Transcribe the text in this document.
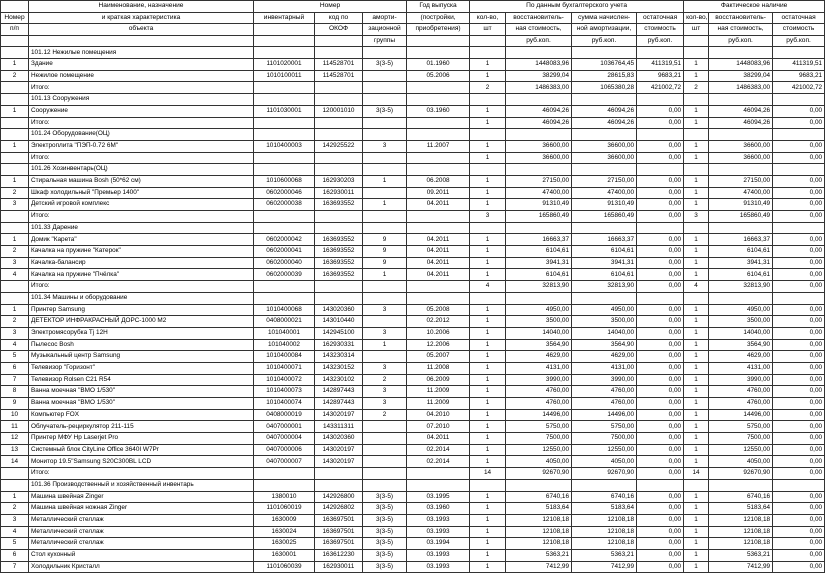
	Наименование, назначение	Номер			Год выпуска	По данным бухгалтерского учета				Фактическое наличие		
Номер	и краткая характеристика	инвентарный	код по	аморти-	(постройки,	кол-во,	восстановитель-	сумма начислен-	остаточная	кол-во,	восстановитель-	остаточная
п/п	объекта		ОКОФ	зационной	приобретения)	шт	ная стоимость,	ной амортизации,	стоимость	шт	ная стоимость,	стоимость
				группы			руб.коп.	руб.коп.	руб.коп.		руб.коп.	руб.коп.
	101.12 Нежилые помещения											
1	Здание	1101020001	114528701	3(3-5)	01.1960	1	1448083,96	1036764,45	411319,51	1	1448083,96	411319,51
2	Нежилое помещение	1010100011	114528701		05.2006	1	38299,04	28615,83	9683,21	1	38299,04	9683,21
	Итого:					2	1486383,00	1065380,28	421002,72	2	1486383,00	421002,72
	101.13 Сооружения											
1	Сооружение	1101030001	120001010	3(3-5)	03.1960	1	46094,26	46094,26	0,00	1	46094,26	0,00
	Итого:					1	46094,26	46094,26	0,00	1	46094,26	0,00
	101.24 Оборудование(ОЦ)											
1	Электроплита "ПЭП-0.72 6М"	1010400003	142925522	3	11.2007	1	36600,00	36600,00	0,00	1	36600,00	0,00
	Итого:					1	36600,00	36600,00	0,00	1	36600,00	0,00
	101.26 Хозинвентарь(ОЦ)											
1	Стиральная машина Bosh (50*62 см)	1010600068	162930203	1	06.2008	1	27150,00	27150,00	0,00	1	27150,00	0,00
2	Шкаф холодильный "Премьер 1400"	0602000046	162930011		09.2011	1	47400,00	47400,00	0,00	1	47400,00	0,00
3	Детский игровой комплекс	0602000038	163693552	1	04.2011	1	91310,49	91310,49	0,00	1	91310,49	0,00
	Итого:					3	165860,49	165860,49	0,00	3	165860,49	0,00
	101.33 Дарение											
1	Домик "Карета"	0602000042	163693552	9	04.2011	1	16663,37	16663,37	0,00	1	16663,37	0,00
2	Качалка на пружине "Катерок"	0602000041	163693552	9	04.2011	1	6104,61	6104,61	0,00	1	6104,61	0,00
3	Качалка-балансир	0602000040	163693552	9	04.2011	1	3941,31	3941,31	0,00	1	3941,31	0,00
4	Качалка на пружине "Пчёлка"	0602000039	163693552	1	04.2011	1	6104,61	6104,61	0,00	1	6104,61	0,00
	Итого:					4	32813,90	32813,90	0,00	4	32813,90	0,00
	101.34 Машины и оборудование											
1	Принтер Samsung	1010400068	143020360	3	05.2008	1	4950,00	4950,00	0,00	1	4950,00	0,00
2	ДЕТЕКТОР ИНФРАКРАСНЫЙ ДОРС-1000 M2	0408000021	143010440		02.2012	1	3500,00	3500,00	0,00	1	3500,00	0,00
3	Электромясорубка Tj 12H	101040001	142945100	3	10.2006	1	14040,00	14040,00	0,00	1	14040,00	0,00
4	Пылесос Bosh	101040002	162930331	1	12.2006	1	3564,90	3564,90	0,00	1	3564,90	0,00
5	Музыкальный центр Samsung	1010400084	143230314		05.2007	1	4629,00	4629,00	0,00	1	4629,00	0,00
6	Телевизор "Горизонт"	1010400071	143230152	3	11.2008	1	4131,00	4131,00	0,00	1	4131,00	0,00
7	Телевизор Rolsen C21 R54	1010400072	143230102	2	06.2009	1	3990,00	3990,00	0,00	1	3990,00	0,00
8	Ванна моечная "ВМО 1/530"	1010400073	142897443	3	11.2009	1	4760,00	4760,00	0,00	1	4760,00	0,00
9	Ванна моечная "ВМО 1/530"	1010400074	142897443	3	11.2009	1	4760,00	4760,00	0,00	1	4760,00	0,00
10	Компьютер FOX	0408000019	143020197	2	04.2010	1	14496,00	14496,00	0,00	1	14496,00	0,00
11	Облучатель-рециркулятор 211-115	0407000001	143311311		07.2010	1	5750,00	5750,00	0,00	1	5750,00	0,00
12	Принтер МФУ Hp Laserjet Pro	0407000004	143020360		04.2011	1	7500,00	7500,00	0,00	1	7500,00	0,00
13	Системный блок CityLine Office 3640I W7Pr	0407000006	143020197		02.2014	1	12550,00	12550,00	0,00	1	12550,00	0,00
14	Монитор 19.5"Samsung S20C300BL LCD	0407000007	143020197		02.2014	1	4050,00	4050,00	0,00	1	4050,00	0,00
	Итого:					14	92670,90	92670,90	0,00	14	92670,90	0,00
	101.36 Производственный и хозяйственный инвентарь											
1	Машина швейная Zinger	1380010	142926800	3(3-5)	03.1995	1	6740,16	6740,16	0,00	1	6740,16	0,00
2	Машина швейная ножная Zinger	1101060019	142926802	3(3-5)	03.1960	1	5183,64	5183,64	0,00	1	5183,64	0,00
3	Металлический стеллаж	1630009	163697501	3(3-5)	03.1993	1	12108,18	12108,18	0,00	1	12108,18	0,00
4	Металлический стеллаж	1630024	163697501	3(3-5)	03.1993	1	12108,18	12108,18	0,00	1	12108,18	0,00
5	Металлический стеллаж	1630025	163697501	3(3-5)	03.1994	1	12108,18	12108,18	0,00	1	12108,18	0,00
6	Стол кухонный	1630001	163612230	3(3-5)	03.1993	1	5363,21	5363,21	0,00	1	5363,21	0,00
7	Холодильник Кристалл	1101060039	162930011	3(3-5)	03.1993	1	7412,99	7412,99	0,00	1	7412,99	0,00
